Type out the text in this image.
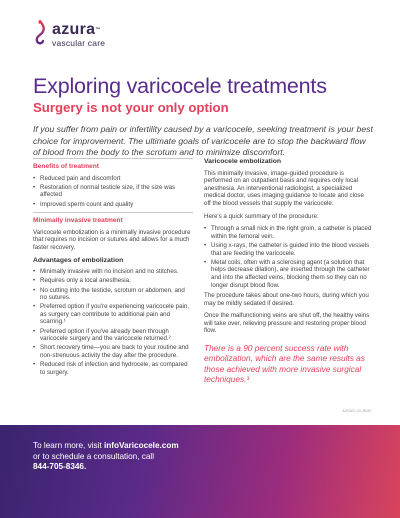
azura™
vascular care
Exploring varicocele treatments
Surgery is not your only option

If you suffer from pain or infertility caused by a varicocele, seeking treatment is your best choice for improvement. The ultimate goals of varicocele are to stop the backward flow of blood from the body to the scrotum and to minimize discomfort.

Benefits of treatment
• Reduced pain and discomfort
• Restoration of normal testicle size, if the size was affected
• Improved sperm count and quality
Minimally invasive treatment

Varicocele embolization is a minimally invasive procedure that requires no incision or sutures and allows for a much faster recovery.

Advantages of embolization
• Minimally invasive with no incision and no stitches.
• Requires only a local anesthesia.
• No cutting into the testicle, scrotum or abdomen, and no sutures.
• Preferred option if you're experiencing varicocele pain, as surgery can contribute to additional pain and scarring.¹
• Preferred option if you've already been through varicocele surgery and the varicocele returned.²
• Short recovery time—you are back to your routine and non-strenuous activity the day after the procedure.
• Reduced risk of infection and hydrocele, as compared to surgery.
Varicocele embolization

This minimally invasive, image-guided procedure is performed on an outpatient basis and requires only local anesthesia. An interventional radiologist, a specialized medical doctor, uses imaging guidance to locate and close off the blood vessels that supply the varicocele.

Here's a quick summary of the procedure:

• Through a small nick in the right groin, a catheter is placed within the femoral vein.
• Using x-rays, the catheter is guided into the blood vessels that are feeding the varicocele.
• Metal coils, often with a sclerosing agent (a solution that helps decrease dilation), are inserted through the catheter and into the affected veins, blocking them so they can no longer disrupt blood flow.

The procedure takes about one-two hours, during which you may be mildly sedated if desired.

Once the malfunctioning veins are shut off, the healthy veins will take over, relieving pressure and restoring proper blood flow.

There is a 90 percent success rate with embolization, which are the same results as those achieved with more invasive surgical techniques.³
AZVAS-VV-R067
To learn more, visit infoVaricocele.com
or to schedule a consultation, call
844-705-8346.
